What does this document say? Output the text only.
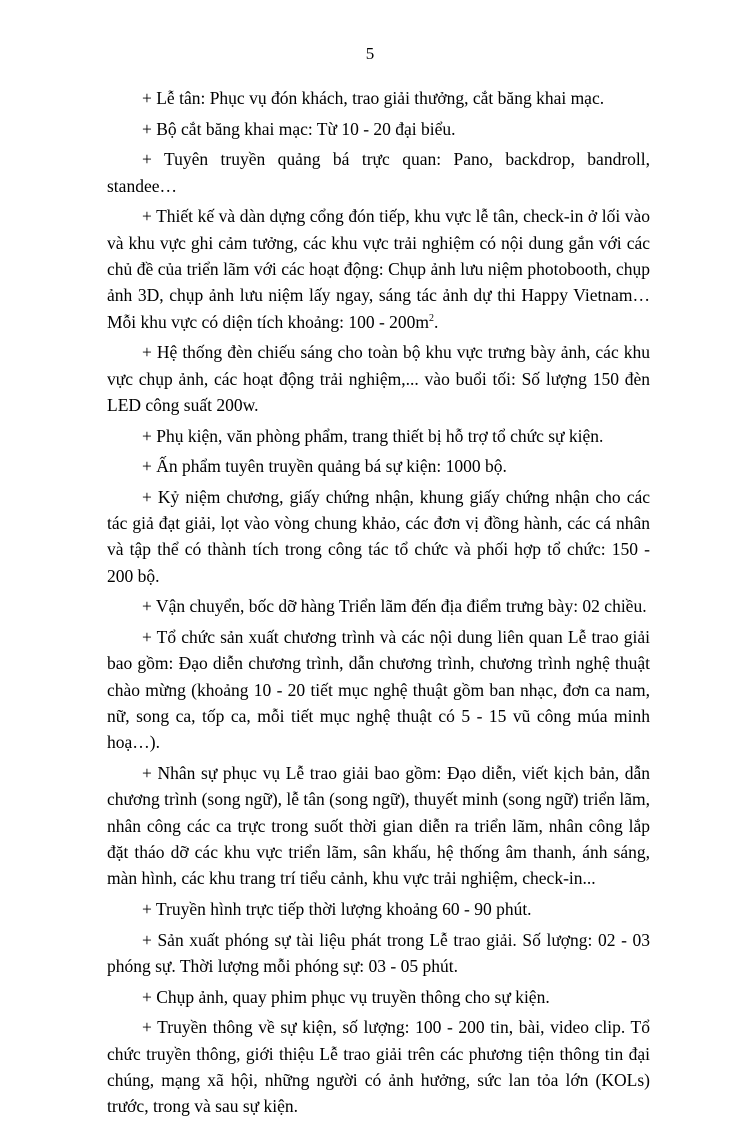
5

+ Lễ tân: Phục vụ đón khách, trao giải thưởng, cắt băng khai mạc.

+ Bộ cắt băng khai mạc: Từ 10 - 20 đại biểu.

+ Tuyên truyền quảng bá trực quan: Pano, backdrop, bandroll, standee…

+ Thiết kế và dàn dựng cổng đón tiếp, khu vực lễ tân, check-in ở lối vào và khu vực ghi cảm tưởng, các khu vực trải nghiệm có nội dung gắn với các chủ đề của triển lãm với các hoạt động: Chụp ảnh lưu niệm photobooth, chụp ảnh 3D, chụp ảnh lưu niệm lấy ngay, sáng tác ảnh dự thi Happy Vietnam… Mỗi khu vực có diện tích khoảng: $100 - 200m^2$.

+ Hệ thống đèn chiếu sáng cho toàn bộ khu vực trưng bày ảnh, các khu vực chụp ảnh, các hoạt động trải nghiệm,... vào buổi tối: Số lượng 150 đèn LED công suất 200w.

+ Phụ kiện, văn phòng phẩm, trang thiết bị hỗ trợ tổ chức sự kiện.

+ Ấn phẩm tuyên truyền quảng bá sự kiện: 1000 bộ.

+ Kỷ niệm chương, giấy chứng nhận, khung giấy chứng nhận cho các tác giả đạt giải, lọt vào vòng chung khảo, các đơn vị đồng hành, các cá nhân và tập thể có thành tích trong công tác tổ chức và phối hợp tổ chức: 150 - 200 bộ.

+ Vận chuyển, bốc dỡ hàng Triển lãm đến địa điểm trưng bày: 02 chiều.

+ Tổ chức sản xuất chương trình và các nội dung liên quan Lễ trao giải bao gồm: Đạo diễn chương trình, dẫn chương trình, chương trình nghệ thuật chào mừng (khoảng 10 - 20 tiết mục nghệ thuật gồm ban nhạc, đơn ca nam, nữ, song ca, tốp ca, mỗi tiết mục nghệ thuật có 5 - 15 vũ công múa minh hoạ…).

+ Nhân sự phục vụ Lễ trao giải bao gồm: Đạo diễn, viết kịch bản, dẫn chương trình (song ngữ), lễ tân (song ngữ), thuyết minh (song ngữ) triển lãm, nhân công các ca trực trong suốt thời gian diễn ra triển lãm, nhân công lắp đặt tháo dỡ các khu vực triển lãm, sân khấu, hệ thống âm thanh, ánh sáng, màn hình, các khu trang trí tiểu cảnh, khu vực trải nghiệm, check-in...

+ Truyền hình trực tiếp thời lượng khoảng 60 - 90 phút.

+ Sản xuất phóng sự tài liệu phát trong Lễ trao giải. Số lượng: 02 - 03 phóng sự. Thời lượng mỗi phóng sự: 03 - 05 phút.

+ Chụp ảnh, quay phim phục vụ truyền thông cho sự kiện.

+ Truyền thông về sự kiện, số lượng: 100 - 200 tin, bài, video clip. Tổ chức truyền thông, giới thiệu Lễ trao giải trên các phương tiện thông tin đại chúng, mạng xã hội, những người có ảnh hưởng, sức lan tỏa lớn (KOLs) trước, trong và sau sự kiện.
